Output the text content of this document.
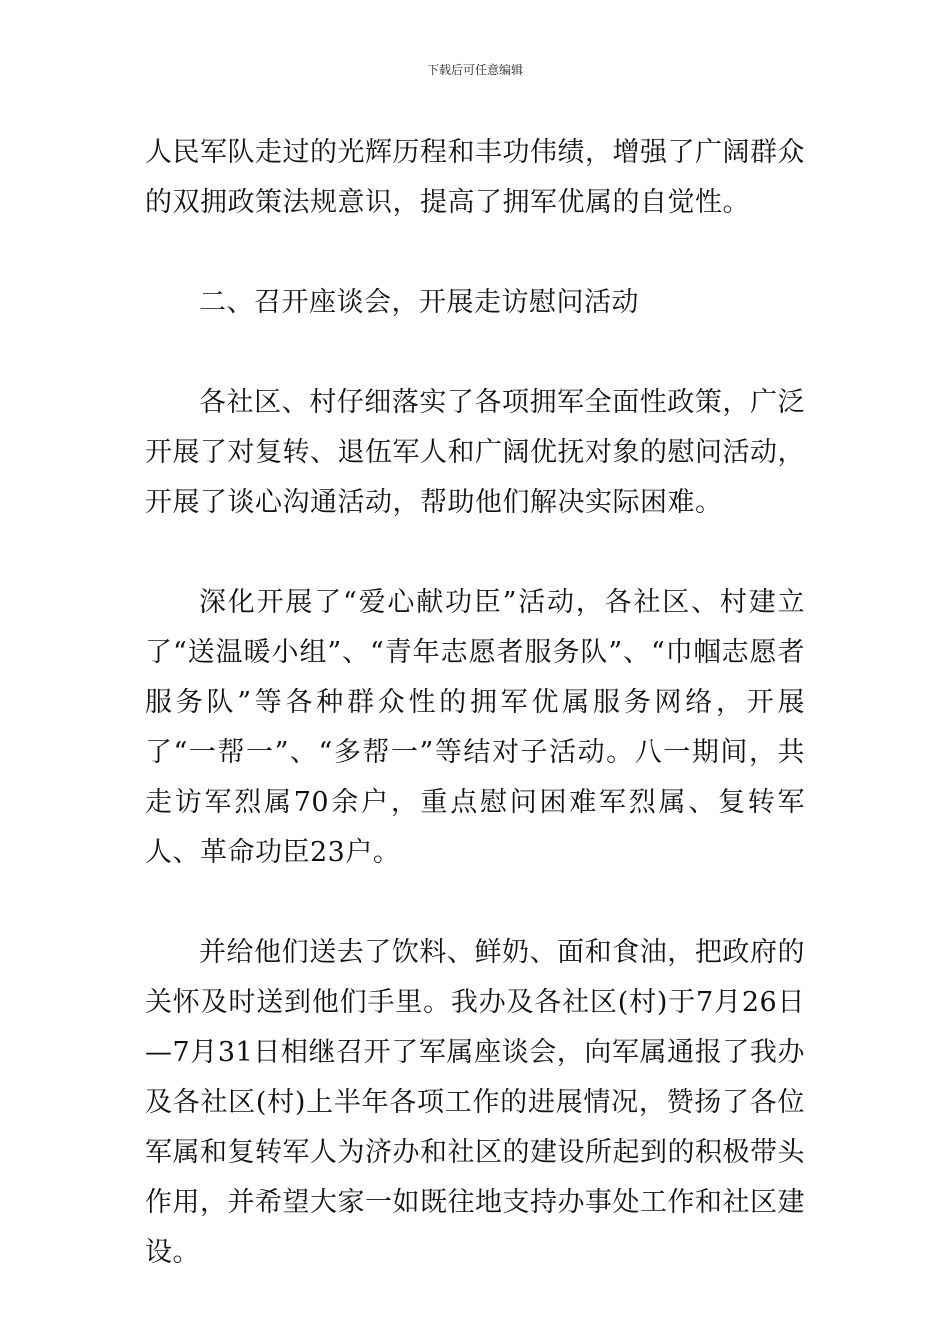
下载后可任意编辑

人民军队走过的光辉历程和丰功伟绩，增强了广阔群众的双拥政策法规意识，提高了拥军优属的自觉性。

二、召开座谈会，开展走访慰问活动

各社区、村仔细落实了各项拥军全面性政策，广泛开展了对复转、退伍军人和广阔优抚对象的慰问活动，开展了谈心沟通活动，帮助他们解决实际困难。

深化开展了“爱心献功臣”活动，各社区、村建立了“送温暖小组”、“青年志愿者服务队”、“巾帼志愿者服务队”等各种群众性的拥军优属服务网络，开展了“一帮一”、“多帮一”等结对子活动。八一期间，共走访军烈属70余户，重点慰问困难军烈属、复转军人、革命功臣23户。

并给他们送去了饮料、鲜奶、面和食油，把政府的关怀及时送到他们手里。我办及各社区(村)于7月26日—7月31日相继召开了军属座谈会，向军属通报了我办及各社区(村)上半年各项工作的进展情况，赞扬了各位军属和复转军人为济办和社区的建设所起到的积极带头作用，并希望大家一如既往地支持办事处工作和社区建设。
